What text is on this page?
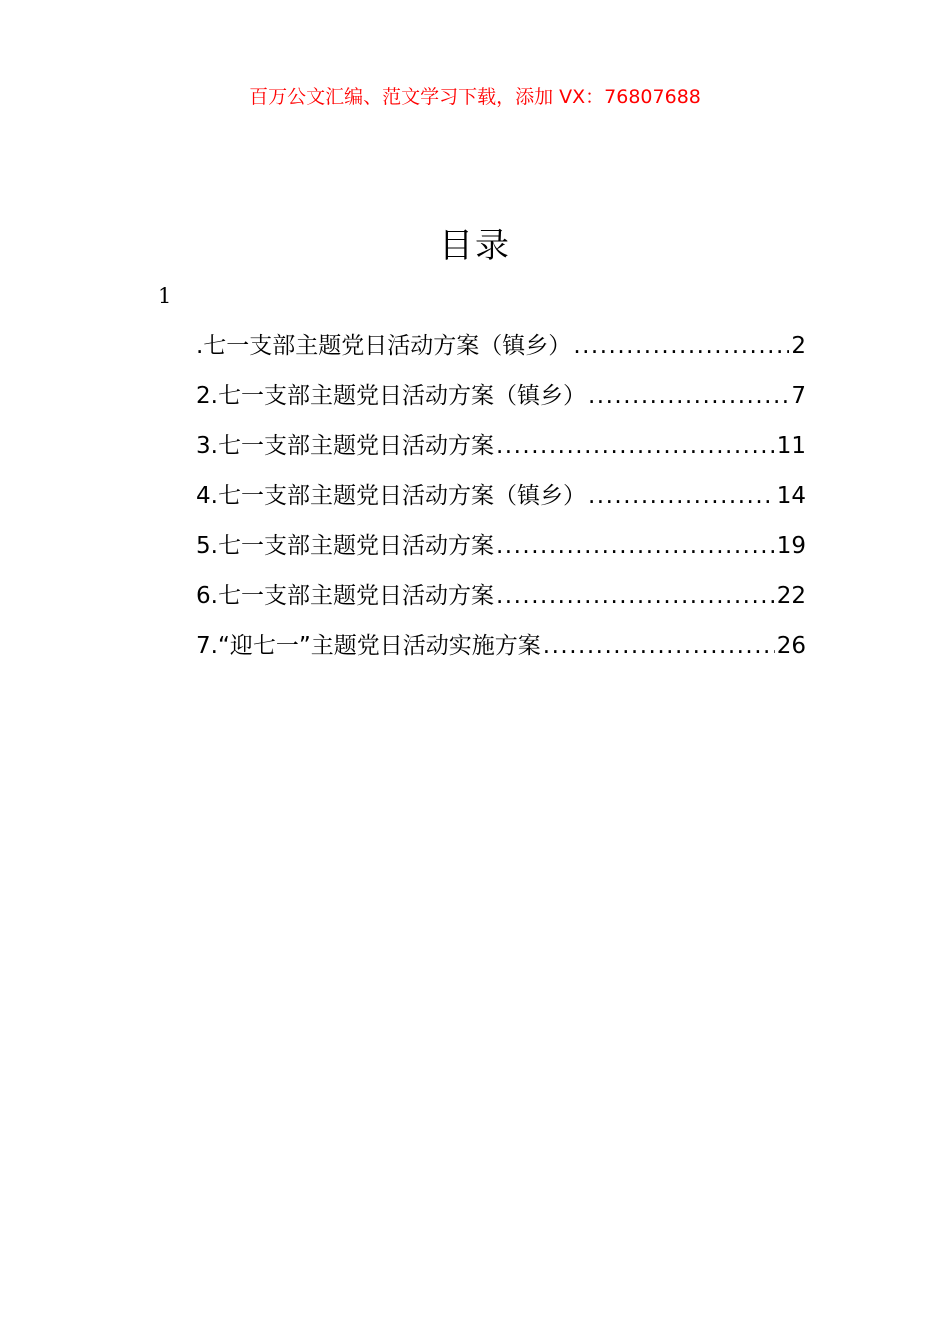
百万公文汇编、范文学习下载，添加 VX：76807688
目录
1
.七一支部主题党日活动方案（镇乡） .....	2
2.七一支部主题党日活动方案（镇乡） .....	7
3.七一支部主题党日活动方案 .....	11
4.七一支部主题党日活动方案（镇乡） .....	14
5.七一支部主题党日活动方案 .....	19
6.七一支部主题党日活动方案 .....	22
7.“迎七一”主题党日活动实施方案 .....	26
